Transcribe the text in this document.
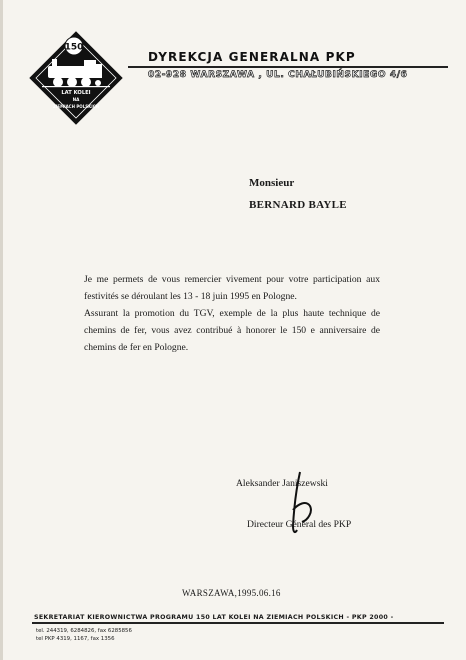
150
LAT KOLEI
NA
ZIEMIACH POLSKICH
DYREKCJA GENERALNA PKP
02-928 WARSZAWA , UL. CHAŁUBIŃSKIEGO 4/6
Monsieur
BERNARD BAYLE

Je me permets de vous remercier vivement pour votre participation aux festivités se déroulant les 13 - 18 juin 1995 en Pologne.

Assurant la promotion du TGV, exemple de la plus haute technique de chemins de fer, vous avez contribué à honorer le 150 e anniversaire de chemins de fer en Pologne.

Aleksander Janiszewski
Directeur Général des PKP
WARSZAWA,1995.06.16
SEKRETARIAT KIEROWNICTWA PROGRAMU 150 LAT KOLEI NA ZIEMIACH POLSKICH - PKP 2000 -
tel. 244319, 6284826, fax 6285856
tel PKP 4319, 1167, fax 1356
